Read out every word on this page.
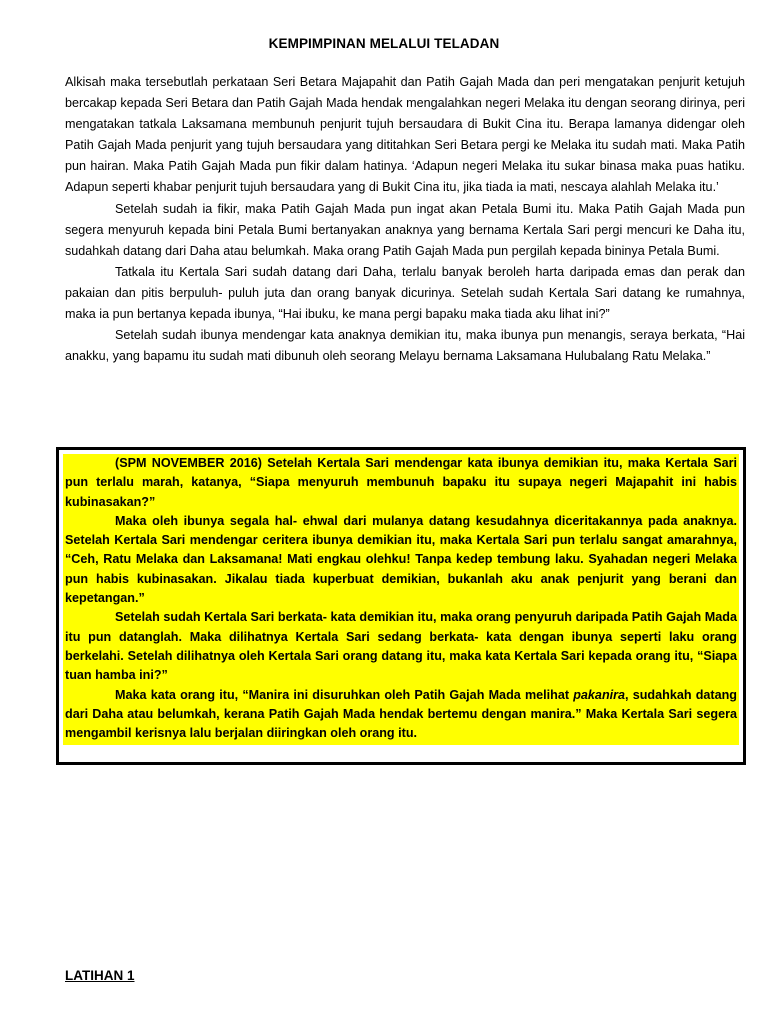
KEMPIMPINAN MELALUI TELADAN

Alkisah maka tersebutlah perkataan Seri Betara Majapahit dan Patih Gajah Mada dan peri mengatakan penjurit ketujuh bercakap kepada Seri Betara dan Patih Gajah Mada hendak mengalahkan negeri Melaka itu dengan seorang dirinya, peri mengatakan tatkala Laksamana membunuh penjurit tujuh bersaudara di Bukit Cina itu. Berapa lamanya didengar oleh Patih Gajah Mada penjurit yang tujuh bersaudara yang dititahkan Seri Betara pergi ke Melaka itu sudah mati. Maka Patih pun hairan. Maka Patih Gajah Mada pun fikir dalam hatinya. ‘Adapun negeri Melaka itu sukar binasa maka puas hatiku. Adapun seperti khabar penjurit tujuh bersaudara yang di Bukit Cina itu, jika tiada ia mati, nescaya alahlah Melaka itu.’

Setelah sudah ia fikir, maka Patih Gajah Mada pun ingat akan Petala Bumi itu. Maka Patih Gajah Mada pun segera menyuruh kepada bini Petala Bumi bertanyakan anaknya yang bernama Kertala Sari pergi mencuri ke Daha itu, sudahkah datang dari Daha atau belumkah. Maka orang Patih Gajah Mada pun pergilah kepada bininya Petala Bumi.

Tatkala itu Kertala Sari sudah datang dari Daha, terlalu banyak beroleh harta daripada emas dan perak dan pakaian dan pitis berpuluh- puluh juta dan orang banyak dicurinya. Setelah sudah Kertala Sari datang ke rumahnya, maka ia pun bertanya kepada ibunya, “Hai ibuku, ke mana pergi bapaku maka tiada aku lihat ini?”

Setelah sudah ibunya mendengar kata anaknya demikian itu, maka ibunya pun menangis, seraya berkata, “Hai anakku, yang bapamu itu sudah mati dibunuh oleh seorang Melayu bernama Laksamana Hulubalang Ratu Melaka.”

(SPM NOVEMBER 2016) Setelah Kertala Sari mendengar kata ibunya demikian itu, maka Kertala Sari pun terlalu marah, katanya, “Siapa menyuruh membunuh bapaku itu supaya negeri Majapahit ini habis kubinasakan?”

Maka oleh ibunya segala hal- ehwal dari mulanya datang kesudahnya diceritakannya pada anaknya. Setelah Kertala Sari mendengar ceritera ibunya demikian itu, maka Kertala Sari pun terlalu sangat amarahnya, “Ceh, Ratu Melaka dan Laksamana! Mati engkau olehku! Tanpa kedep tembung laku. Syahadan negeri Melaka pun habis kubinasakan. Jikalau tiada kuperbuat demikian, bukanlah aku anak penjurit yang berani dan kepetangan.”

Setelah sudah Kertala Sari berkata- kata demikian itu, maka orang penyuruh daripada Patih Gajah Mada itu pun datanglah. Maka dilihatnya Kertala Sari sedang berkata- kata dengan ibunya seperti laku orang berkelahi. Setelah dilihatnya oleh Kertala Sari orang datang itu, maka kata Kertala Sari kepada orang itu, “Siapa tuan hamba ini?”

Maka kata orang itu, “Manira ini disuruhkan oleh Patih Gajah Mada melihat pakanira, sudahkah datang dari Daha atau belumkah, kerana Patih Gajah Mada hendak bertemu dengan manira.” Maka Kertala Sari segera mengambil kerisnya lalu berjalan diiringkan oleh orang itu.

LATIHAN 1
